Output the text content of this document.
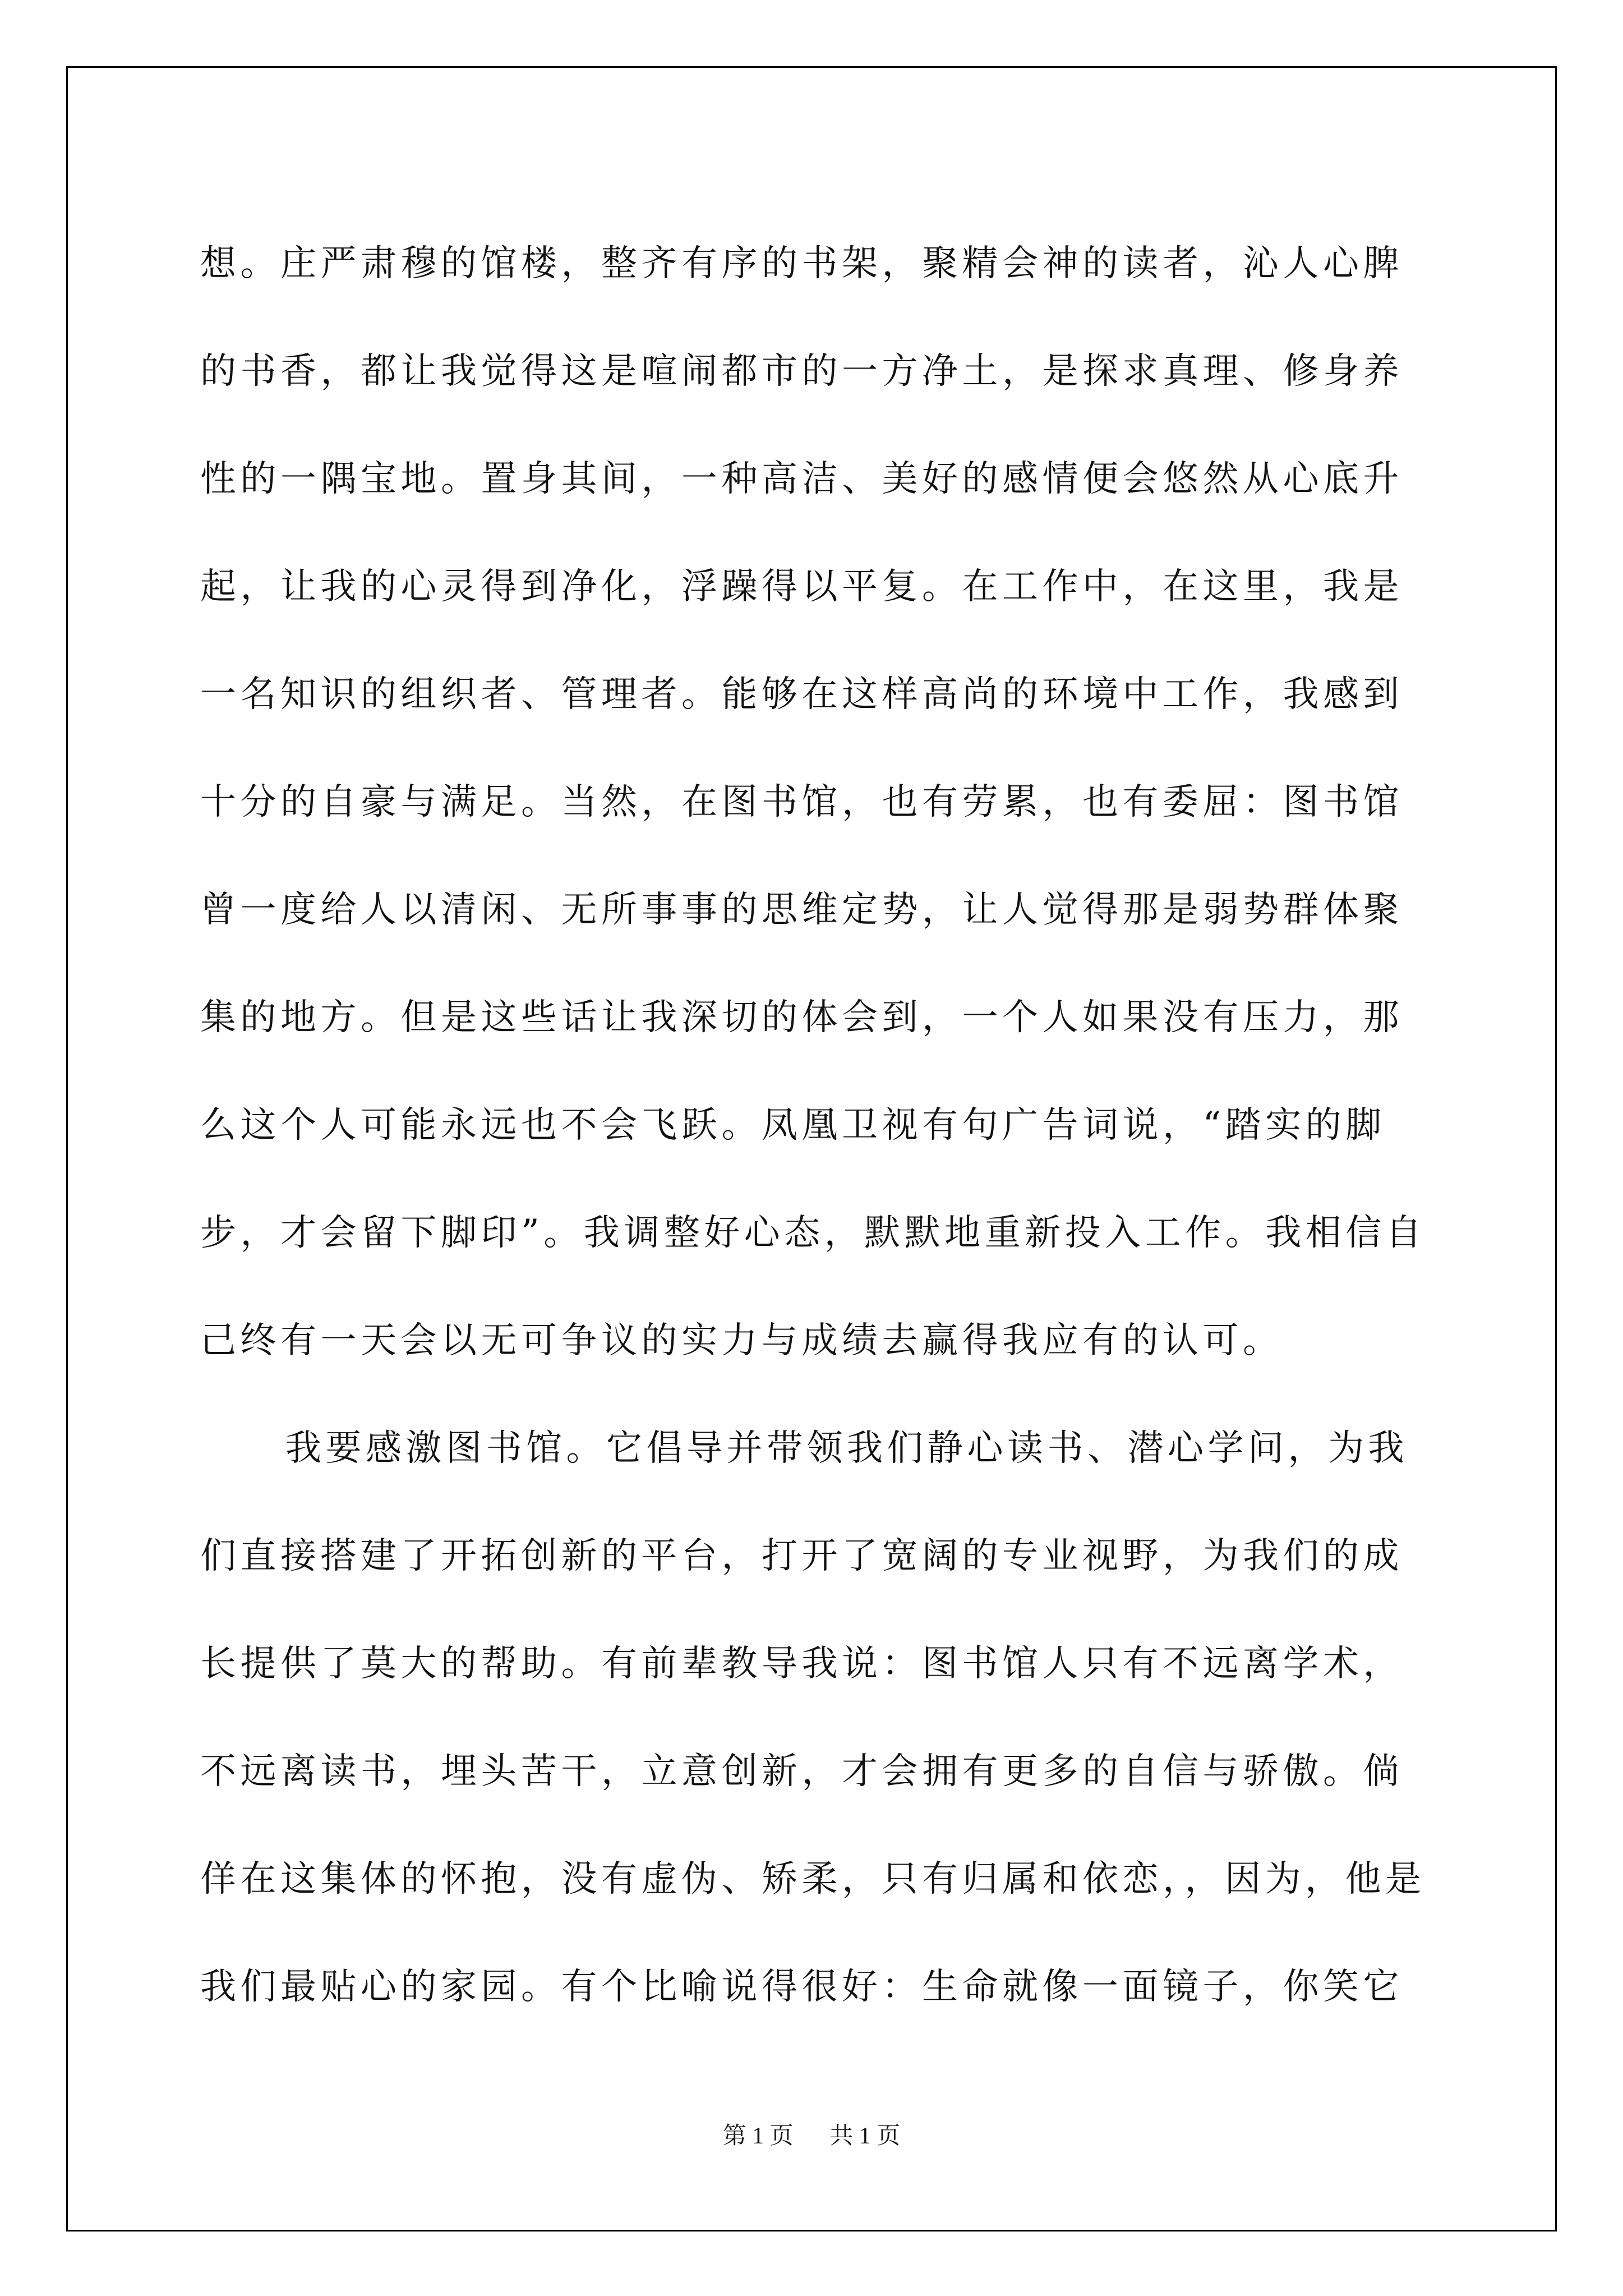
想。庄严肃穆的馆楼，整齐有序的书架，聚精会神的读者，沁人心脾
的书香，都让我觉得这是喧闹都市的一方净土，是探求真理、修身养
性的一隅宝地。置身其间，一种高洁、美好的感情便会悠然从心底升
起，让我的心灵得到净化，浮躁得以平复。在工作中，在这里，我是
一名知识的组织者、管理者。能够在这样高尚的环境中工作，我感到
十分的自豪与满足。当然，在图书馆，也有劳累，也有委屈：图书馆
曾一度给人以清闲、无所事事的思维定势，让人觉得那是弱势群体聚
集的地方。但是这些话让我深切的体会到，一个人如果没有压力，那
么这个人可能永远也不会飞跃。凤凰卫视有句广告词说，“踏实的脚
步，才会留下脚印”。我调整好心态，默默地重新投入工作。我相信自
己终有一天会以无可争议的实力与成绩去赢得我应有的认可。
我要感激图书馆。它倡导并带领我们静心读书、潜心学问，为我
们直接搭建了开拓创新的平台，打开了宽阔的专业视野，为我们的成
长提供了莫大的帮助。有前辈教导我说：图书馆人只有不远离学术，
不远离读书，埋头苦干，立意创新，才会拥有更多的自信与骄傲。倘
佯在这集体的怀抱，没有虚伪、矫柔，只有归属和依恋，，因为，他是
我们最贴心的家园。有个比喻说得很好：生命就像一面镜子，你笑它
第 1 页 共 1 页
